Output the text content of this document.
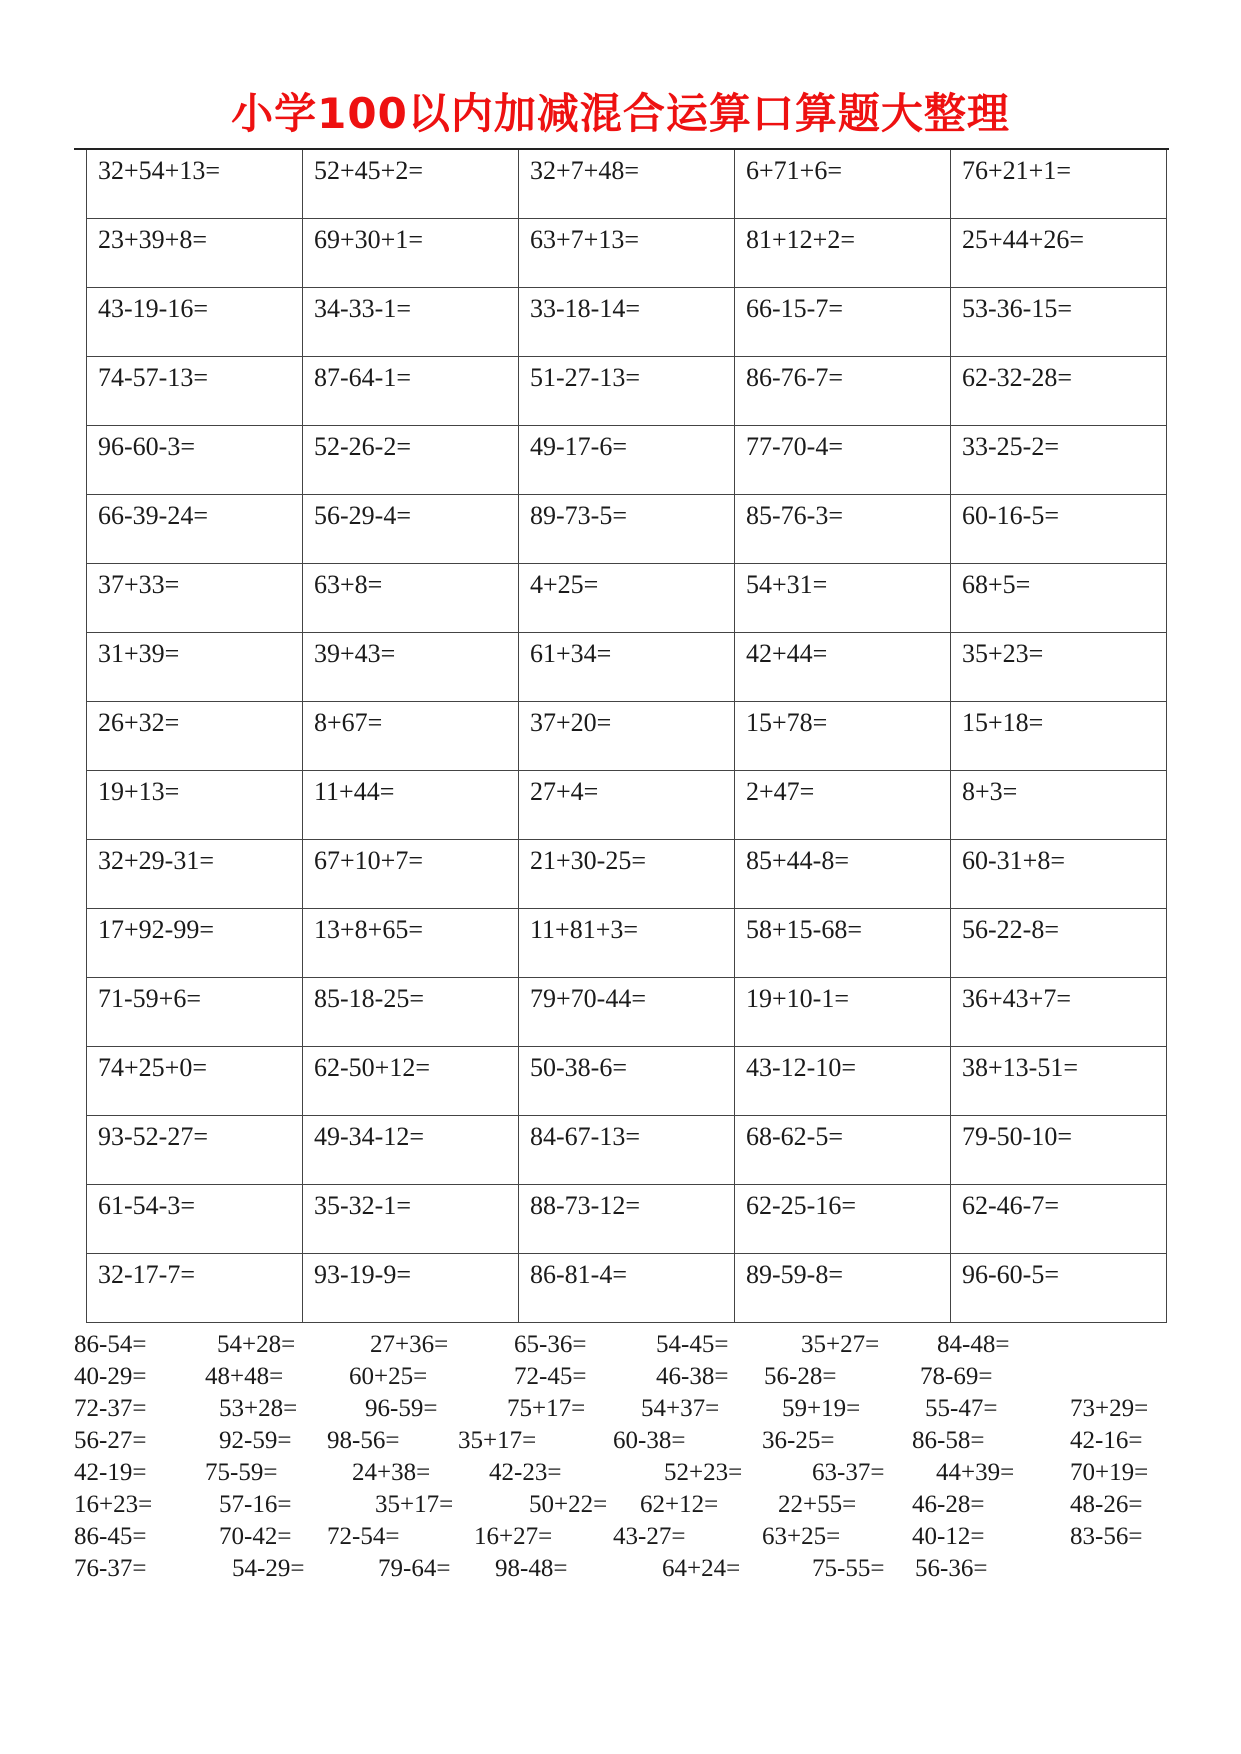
小学100以内加减混合运算口算题大整理
32+54+13=	52+45+2=	32+7+48=	6+71+6=	76+21+1=
23+39+8=	69+30+1=	63+7+13=	81+12+2=	25+44+26=
43-19-16=	34-33-1=	33-18-14=	66-15-7=	53-36-15=
74-57-13=	87-64-1=	51-27-13=	86-76-7=	62-32-28=
96-60-3=	52-26-2=	49-17-6=	77-70-4=	33-25-2=
66-39-24=	56-29-4=	89-73-5=	85-76-3=	60-16-5=
37+33=	63+8=	4+25=	54+31=	68+5=
31+39=	39+43=	61+34=	42+44=	35+23=
26+32=	8+67=	37+20=	15+78=	15+18=
19+13=	11+44=	27+4=	2+47=	8+3=
32+29-31=	67+10+7=	21+30-25=	85+44-8=	60-31+8=
17+92-99=	13+8+65=	11+81+3=	58+15-68=	56-22-8=
71-59+6=	85-18-25=	79+70-44=	19+10-1=	36+43+7=
74+25+0=	62-50+12=	50-38-6=	43-12-10=	38+13-51=
93-52-27=	49-34-12=	84-67-13=	68-62-5=	79-50-10=
61-54-3=	35-32-1=	88-73-12=	62-25-16=	62-46-7=
32-17-7=	93-19-9=	86-81-4=	89-59-8=	96-60-5=
86-54=	54+28=	27+36=	65-36=	54-45=	35+27= 84-48=
40-29= 48+48=	60+25=	72-45=	46-38= 56-28=	78-69=
72-37=	53+28=	96-59=	75+17= 54+37=	59+19=	55-47=	73+29=
56-27=	92-59= 98-56= 35+17=	60-38=	36-25=	86-58=	42-16=
42-19= 75-59=	24+38= 42-23=	52+23=	63-37= 44+39= 70+19=
16+23=	57-16=	35+17=	50+22= 62+12= 22+55= 46-28=	48-26=
86-45=	70-42= 72-54=	16+27= 43-27=	63+25=	40-12=	83-56=
76-37=	54-29=	79-64= 98-48=	64+24=	75-55= 56-36=
